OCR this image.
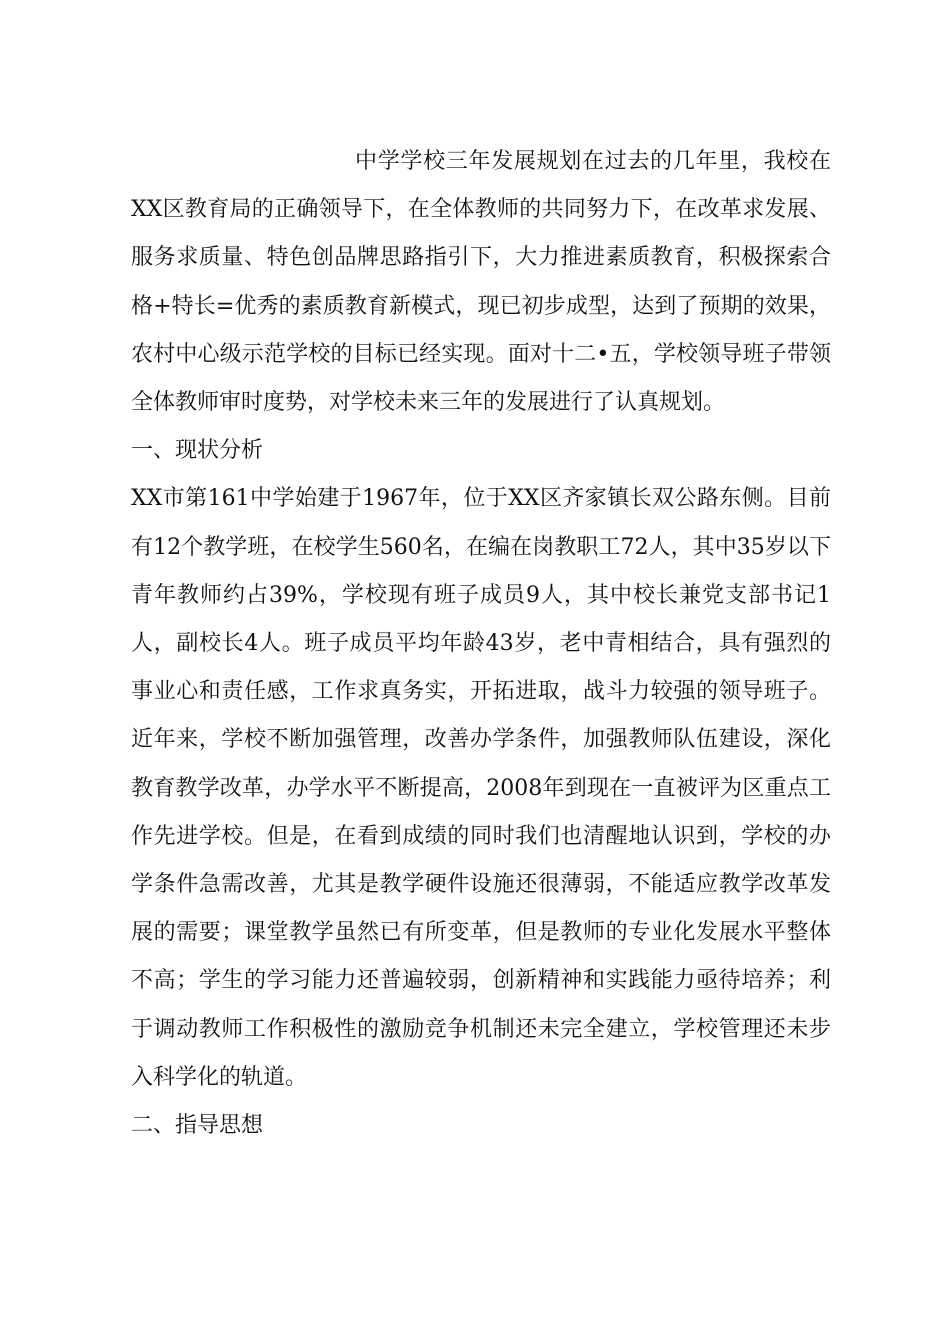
中学学校三年发展规划在过去的几年里，我校在XX区教育局的正确领导下，在全体教师的共同努力下，在改革求发展、服务求质量、特色创品牌思路指引下，大力推进素质教育，积极探索合格+特长=优秀的素质教育新模式，现已初步成型，达到了预期的效果，农村中心级示范学校的目标已经实现。面对十二•五，学校领导班子带领全体教师审时度势，对学校未来三年的发展进行了认真规划。

一、现状分析

XX市第161中学始建于1967年，位于XX区齐家镇长双公路东侧。目前有12个教学班，在校学生560名，在编在岗教职工72人，其中35岁以下青年教师约占39%，学校现有班子成员9人，其中校长兼党支部书记1人，副校长4人。班子成员平均年龄43岁，老中青相结合，具有强烈的事业心和责任感，工作求真务实，开拓进取，战斗力较强的领导班子。近年来，学校不断加强管理，改善办学条件，加强教师队伍建设，深化教育教学改革，办学水平不断提高，2008年到现在一直被评为区重点工作先进学校。但是，在看到成绩的同时我们也清醒地认识到，学校的办学条件急需改善，尤其是教学硬件设施还很薄弱，不能适应教学改革发展的需要；课堂教学虽然已有所变革，但是教师的专业化发展水平整体不高；学生的学习能力还普遍较弱，创新精神和实践能力亟待培养；利于调动教师工作积极性的激励竞争机制还未完全建立，学校管理还未步入科学化的轨道。

二、指导思想
